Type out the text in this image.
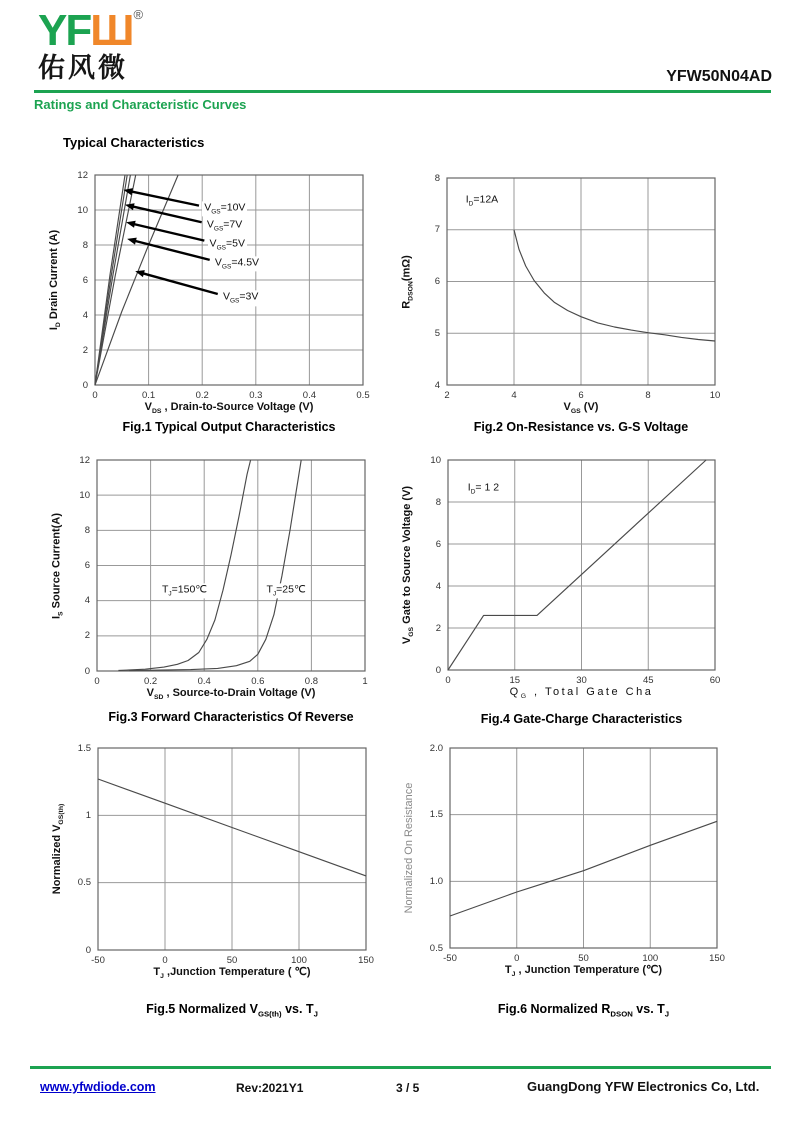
YFШ®
佑风微	YFW50N04AD
Ratings and Characteristic Curves
Typical Characteristics
0	0.1	0.2	0.3	0.4	0.5
0
2
4
6
8
10
12
$V_{DS}$ , Drain-to-Source Voltage (V)
$I_D$ Drain Current (A)
$V_{GS}=10V$
$V_{GS}=7V$
$V_{GS}=5V$
$V_{GS}=4.5V$
$V_{GS}=3V$
2	4	6	8	10
4
5
6
7
8
$V_{GS}$ (V)
$R_{DSON}(m\Omega)$
$I_D=12A$
0	0.2	0.4	0.6	0.8	1
0
2
4
6
8
10
12
$V_{SD}$ , Source-to-Drain Voltage (V)
$I_S$ Source Current(A)	$T_J=150℃$	$T_J=25℃$
0	15	30	45	60
0
2
4
6
8
10
$Q_G$ , Total Gate Cha
$V_{GS}$ Gate to Source Voltage (V)	$I_D= 1$ 2
-50	0	50	100	150
0
0.5
1
1.5
$T_J$ ,Junction Temperature ( ℃)
Normalized $V_{GS(th)}$
-50	0	50	100	150
0.5
1.0
1.5
2.0
$T_J$ , Junction Temperature (℃)
Normalized On Resistance
www.yfwdiode.com	Rev:2021Y1	3 / 5	GuangDong YFW Electronics Co, Ltd.
Fig.1 Typical Output Characteristics	Fig.2 On-Resistance vs. G-S Voltage
Fig.3 Forward Characteristics Of Reverse	Fig.4 Gate-Charge Characteristics
Fig.5 Normalized $V_{GS(th)}$ vs. $T_J$	Fig.6 Normalized $R_{DSON}$ vs. $T_J$
